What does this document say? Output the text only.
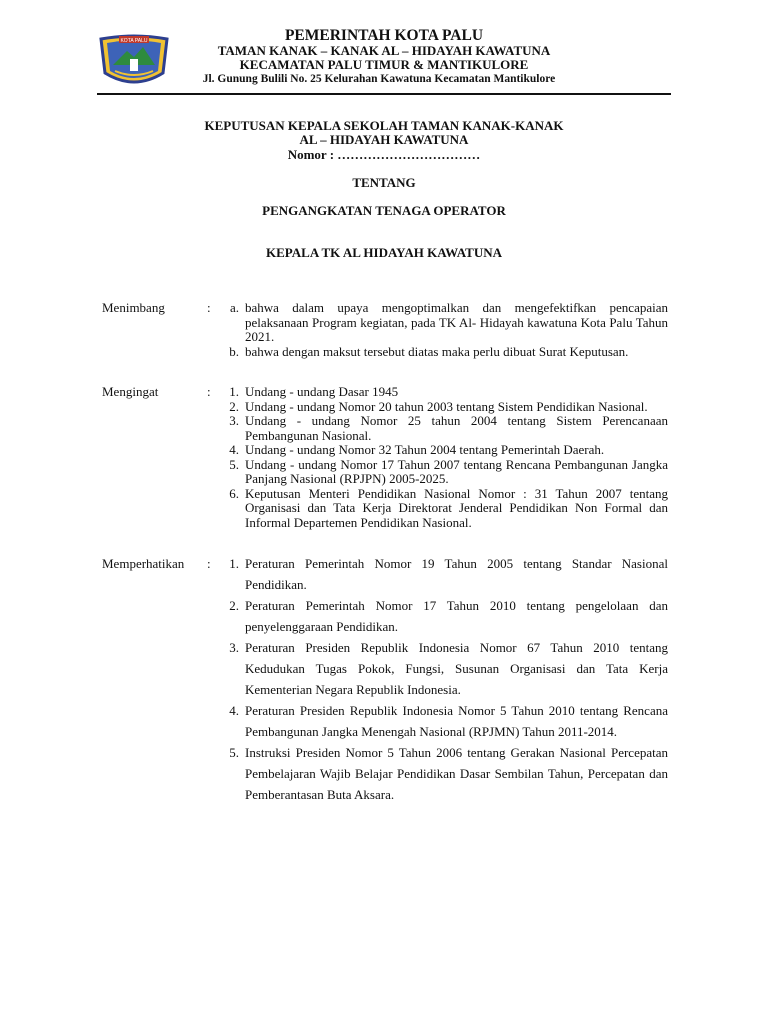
KOTA PALU	PEMERINTAH KOTA PALU
TAMAN KANAK – KANAK AL – HIDAYAH KAWATUNA
KECAMATAN PALU TIMUR & MANTIKULORE
Jl. Gunung Bulili No. 25 Kelurahan Kawatuna Kecamatan Mantikulore
KEPUTUSAN KEPALA SEKOLAH TAMAN KANAK-KANAK
AL – HIDAYAH KAWATUNA
Nomor : ……………………………
TENTANG
PENGANGKATAN TENAGA OPERATOR
KEPALA TK AL HIDAYAH KAWATUNA
Menimbang	:	a. bahwa dalam upaya mengoptimalkan dan mengefektifkan pencapaian pelaksanaan Program kegiatan, pada TK Al- Hidayah kawatuna Kota Palu Tahun 2021.
b. bahwa dengan maksut tersebut diatas maka perlu dibuat Surat Keputusan.
Mengingat	:	1. Undang - undang Dasar 1945
2. Undang - undang Nomor 20 tahun 2003 tentang Sistem Pendidikan Nasional.
3. Undang - undang Nomor 25 tahun 2004 tentang Sistem Perencanaan Pembangunan Nasional.
4. Undang - undang Nomor 32 Tahun 2004 tentang Pemerintah Daerah.
5. Undang - undang Nomor 17 Tahun 2007 tentang Rencana Pembangunan Jangka Panjang Nasional (RPJPN) 2005-2025.
6. Keputusan Menteri Pendidikan Nasional Nomor : 31 Tahun 2007 tentang Organisasi dan Tata Kerja Direktorat Jenderal Pendidikan Non Formal dan Informal Departemen Pendidikan Nasional.
Memperhatikan	:	1. Peraturan Pemerintah Nomor 19 Tahun 2005 tentang Standar Nasional Pendidikan.
2. Peraturan Pemerintah Nomor 17 Tahun 2010 tentang pengelolaan dan penyelenggaraan Pendidikan.
3. Peraturan Presiden Republik Indonesia Nomor 67 Tahun 2010 tentang Kedudukan Tugas Pokok, Fungsi, Susunan Organisasi dan Tata Kerja Kementerian Negara Republik Indonesia.
4. Peraturan Presiden Republik Indonesia Nomor 5 Tahun 2010 tentang Rencana Pembangunan Jangka Menengah Nasional (RPJMN) Tahun 2011-2014.
5. Instruksi Presiden Nomor 5 Tahun 2006 tentang Gerakan Nasional Percepatan Pembelajaran Wajib Belajar Pendidikan Dasar Sembilan Tahun, Percepatan dan Pemberantasan Buta Aksara.
